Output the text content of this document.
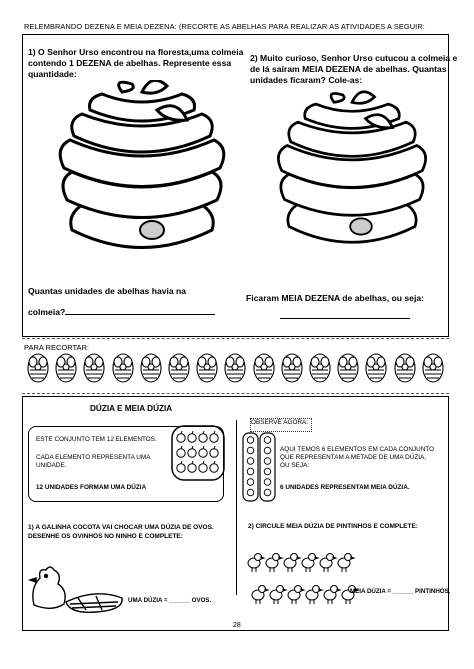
RELEMBRANDO DEZENA E MEIA DEZENA: (RECORTE AS ABELHAS PARA REALIZAR AS ATIVIDADES A SEGUIR:
1) O Senhor Urso encontrou na floresta,uma colmeia contendo 1 DEZENA de abelhas. Represente essa quantidade:
2) Muito curioso, Senhor Urso cutucou a colmeia e de lá saíram MEIA DEZENA de abelhas. Quantas unidades ficaram? Cole-as:
Quantas unidades de abelhas havia na
colmeia?
Ficaram MEIA DEZENA de abelhas, ou seja:
PARA RECORTAR:
DÚZIA E MEIA DÚZIA
ESTE CONJUNTO TEM 12 ELEMENTOS.
CADA ELEMENTO REPRESENTA UMA UNIDADE.
12 UNIDADES FORMAM UMA DÚZIA
OBSERVE AGORA:
AQUI TEMOS 6 ELEMENTOS EM CADA CONJUNTO QUE REPRESENTAM A METADE DE UMA DÚZIA, OU SEJA:
6 UNIDADES REPRESENTAM MEIA DÚZIA.
1) A GALINHA COCOTA VAI CHOCAR UMA DÚZIA DE OVOS. DESENHE OS OVINHOS NO NINHO E COMPLETE:
UMA DÚZIA = ______ OVOS.
2) CIRCULE MEIA DÚZIA DE PINTINHOS E COMPLETE:
MEIA DÚZIA = ______ PINTINHOS.
28
